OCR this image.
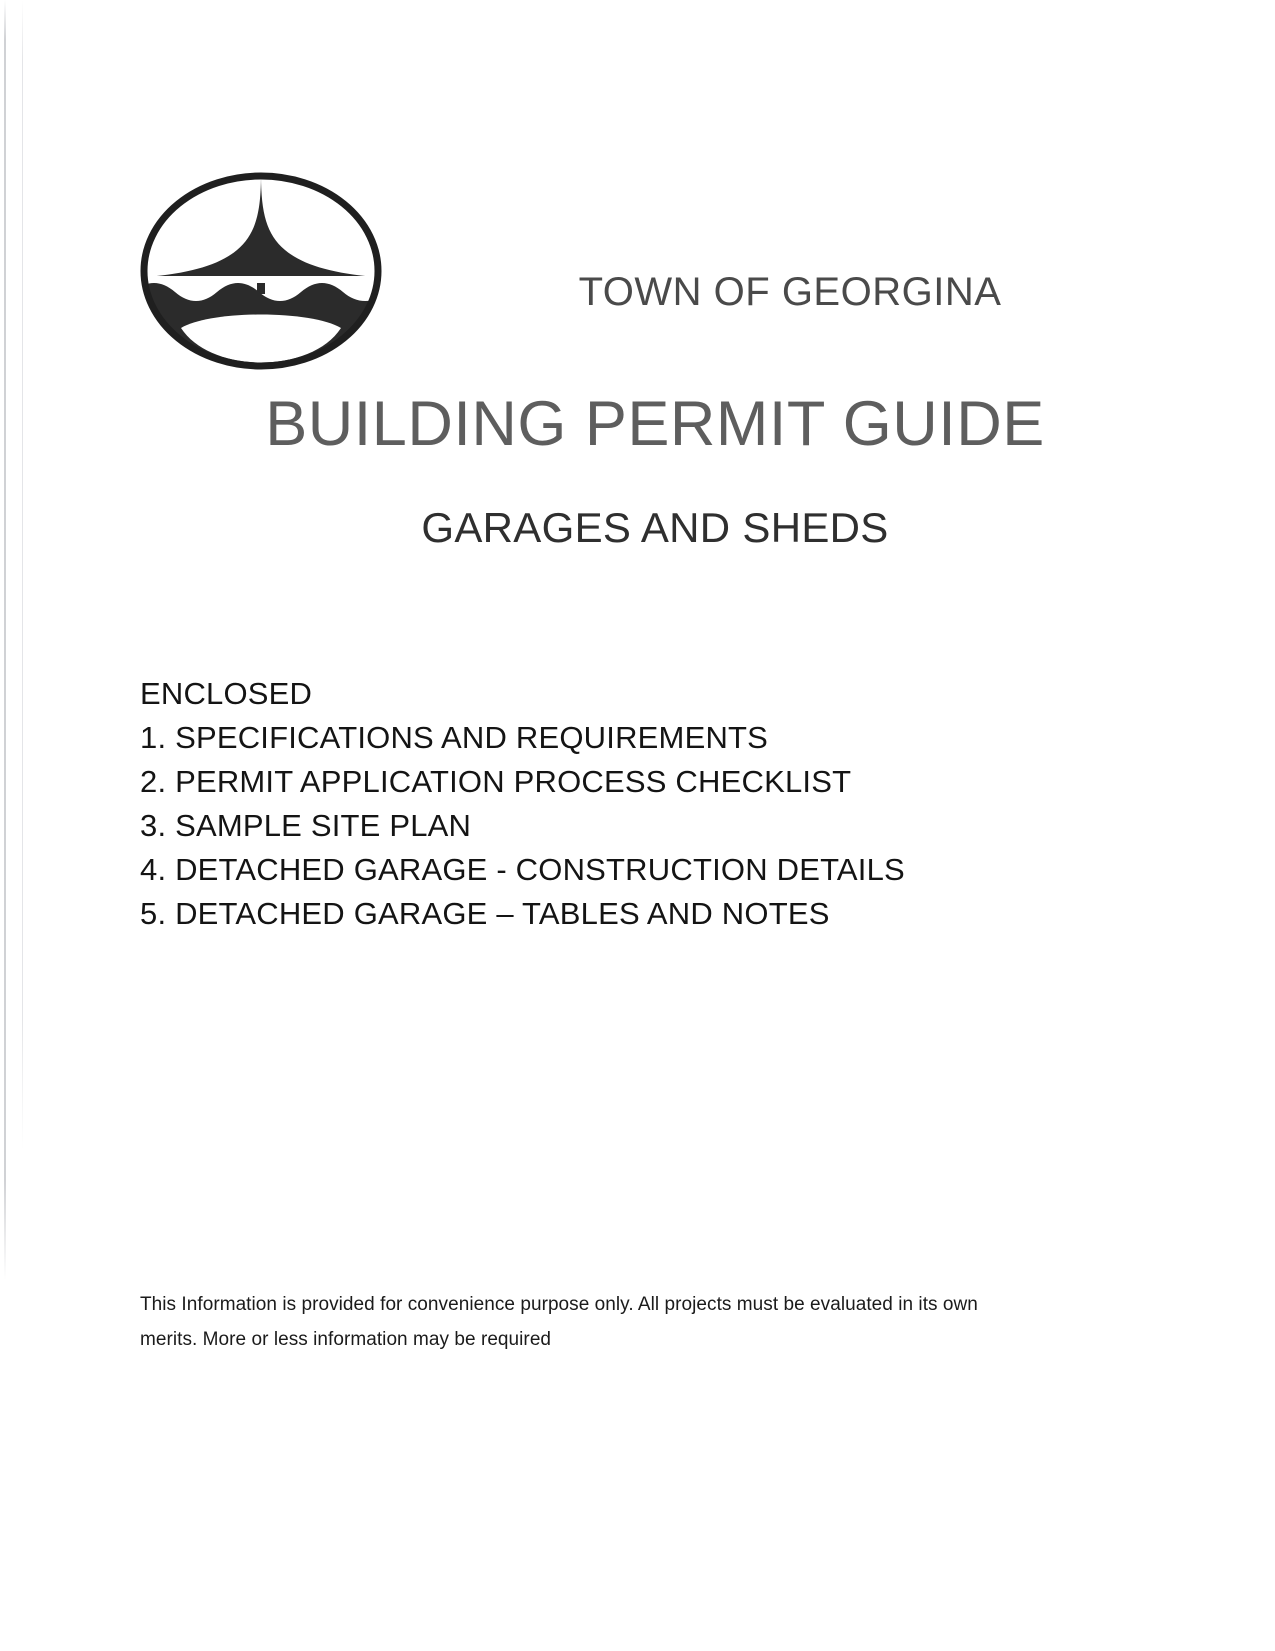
TOWN OF GEORGINA
BUILDING PERMIT GUIDE
GARAGES AND SHEDS
ENCLOSED
1. SPECIFICATIONS AND REQUIREMENTS
2. PERMIT APPLICATION PROCESS CHECKLIST
3. SAMPLE SITE PLAN
4. DETACHED GARAGE - CONSTRUCTION DETAILS
5. DETACHED GARAGE – TABLES AND NOTES

This Information is provided for convenience purpose only. All projects must be evaluated in its own

merits. More or less information may be required
